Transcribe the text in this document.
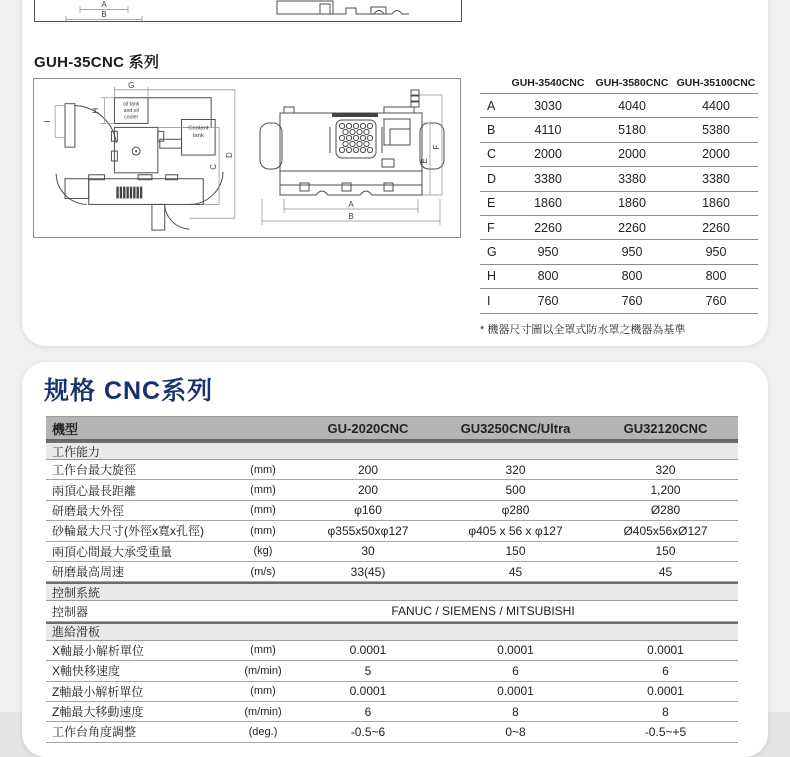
A
B
GUH-35CNC 系列
G
H
I
C
D
oil tank
and oil
cooler
Coolant
tank
A
B
E
F
GUH-3540CNC	GUH-3580CNC GUH-35100CNC
A	3030	4040	4400
B	4110	5180	5380
C	2000	2000	2000
D	3380	3380	3380
E	1860	1860	1860
F	2260	2260	2260
G	950	950	950
H	800	800	800
I	760	760	760
* 機器尺寸圖以全罩式防水罩之機器為基準
规格 CNC系列
機型	GU-2020CNC	GU3250CNC/Ultra	GU32120CNC
工作能力
工作台最大旋徑	(mm)	200	320	320
兩頂心最長距離	(mm)	200	500	1,200
研磨最大外徑	(mm)	φ160	φ280	Ø280
砂輪最大尺寸(外徑x寬x孔徑)	(mm)	φ355x50xφ127	φ405 x 56 x φ127	Ø405x56xØ127
兩頂心間最大承受重量	(kg)	30	150	150
研磨最高周速	(m/s)	33(45)	45	45
控制系統
控制器	FANUC / SIEMENS / MITSUBISHI
進給滑板
X軸最小解析單位	(mm)	0.0001	0.0001	0.0001
X軸快移速度	(m/min)	5	6	6
Z軸最小解析單位	(mm)	0.0001	0.0001	0.0001
Z軸最大移動速度	(m/min)	6	8	8
工作台角度調整	(deg.)	-0.5~6	0~8	-0.5~+5
